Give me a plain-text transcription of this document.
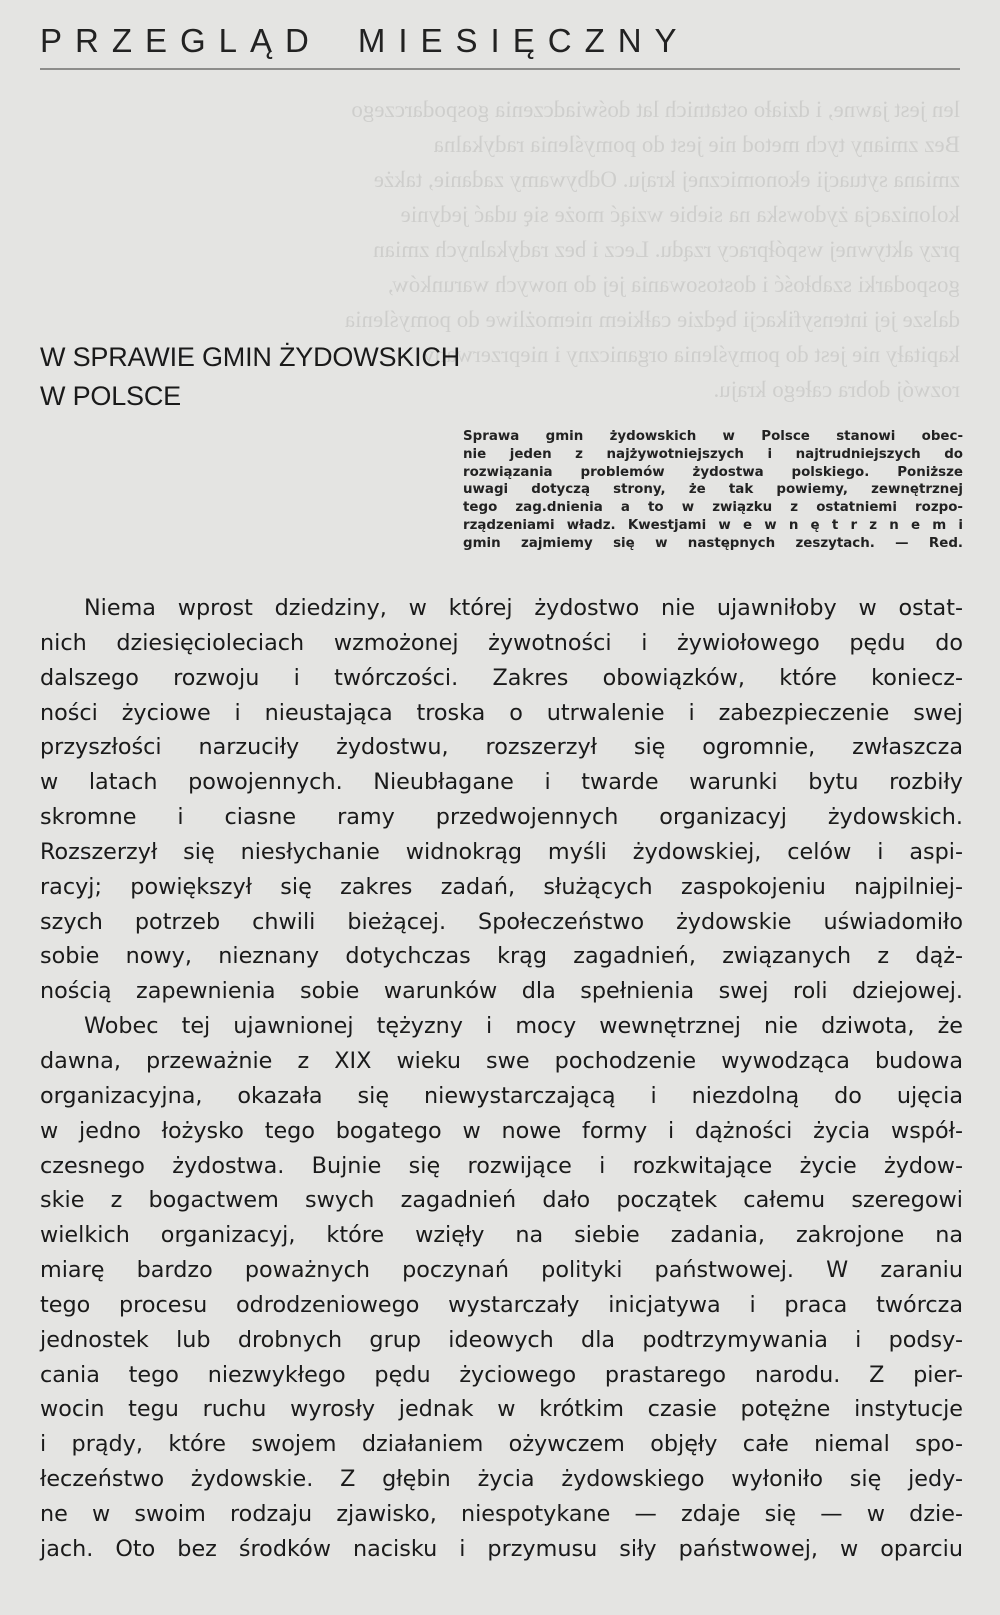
PRZEGLĄD MIESIĘCZNY

len jest jawne, i działo ostatnich lat doświadczenia gospodarczego

Bez zmiany tych metod nie jest do pomyślenia radykalna

zmiana sytuacji ekonomicznej kraju. Odbywamy zadanie, także

kolonizacja żydowska na siebie wziąć może się udać jedynie

przy aktywnej współpracy rządu. Lecz i bez radykalnych zmian

gospodarki szabłość i dostosowania jej do nowych warunków,

dalsze jej intensyfikacji będzie całkiem niemożliwe do pomyślenia

kapitały nie jest do pomyślenia organiczny i nieprzerwany

rozwój dobra całego kraju.

W SPRAWIE GMIN ŻYDOWSKICH
W POLSCE
Sprawa gmin żydowskich w Polsce stanowi obec-
nie jeden z najżywotniejszych i najtrudniejszych do
rozwiązania problemów żydostwa polskiego. Poniższe
uwagi dotyczą strony, że tak powiemy, zewnętrznej
tego zag.dnienia a to w związku z ostatniemi rozpo-
rządzeniami władz. Kwestjami w e w n ę t r z n e m i
gmin zajmiemy się w następnych zeszytach. — Red.
Niema wprost dziedziny, w której żydostwo nie ujawniłoby w ostat-
nich dziesięcioleciach wzmożonej żywotności i żywiołowego pędu do
dalszego rozwoju i twórczości. Zakres obowiązków, które koniecz-
ności życiowe i nieustająca troska o utrwalenie i zabezpieczenie swej
przyszłości narzuciły żydostwu, rozszerzył się ogromnie, zwłaszcza
w latach powojennych. Nieubłagane i twarde warunki bytu rozbiły
skromne i ciasne ramy przedwojennych organizacyj żydowskich.
Rozszerzył się niesłychanie widnokrąg myśli żydowskiej, celów i aspi-
racyj; powiększył się zakres zadań, służących zaspokojeniu najpilniej-
szych potrzeb chwili bieżącej. Społeczeństwo żydowskie uświadomiło
sobie nowy, nieznany dotychczas krąg zagadnień, związanych z dąż-
nością zapewnienia sobie warunków dla spełnienia swej roli dziejowej.
Wobec tej ujawnionej tężyzny i mocy wewnętrznej nie dziwota, że
dawna, przeważnie z XIX wieku swe pochodzenie wywodząca budowa
organizacyjna, okazała się niewystarczającą i niezdolną do ujęcia
w jedno łożysko tego bogatego w nowe formy i dążności życia współ-
czesnego żydostwa. Bujnie się rozwijące i rozkwitające życie żydow-
skie z bogactwem swych zagadnień dało początek całemu szeregowi
wielkich organizacyj, które wzięły na siebie zadania, zakrojone na
miarę bardzo poważnych poczynań polityki państwowej. W zaraniu
tego procesu odrodzeniowego wystarczały inicjatywa i praca twórcza
jednostek lub drobnych grup ideowych dla podtrzymywania i podsy-
cania tego niezwykłego pędu życiowego prastarego narodu. Z pier-
wocin tegu ruchu wyrosły jednak w krótkim czasie potężne instytucje
i prądy, które swojem działaniem ożywczem objęły całe niemal spo-
łeczeństwo żydowskie. Z głębin życia żydowskiego wyłoniło się jedy-
ne w swoim rodzaju zjawisko, niespotykane — zdaje się — w dzie-
jach. Oto bez środków nacisku i przymusu siły państwowej, w oparciu
